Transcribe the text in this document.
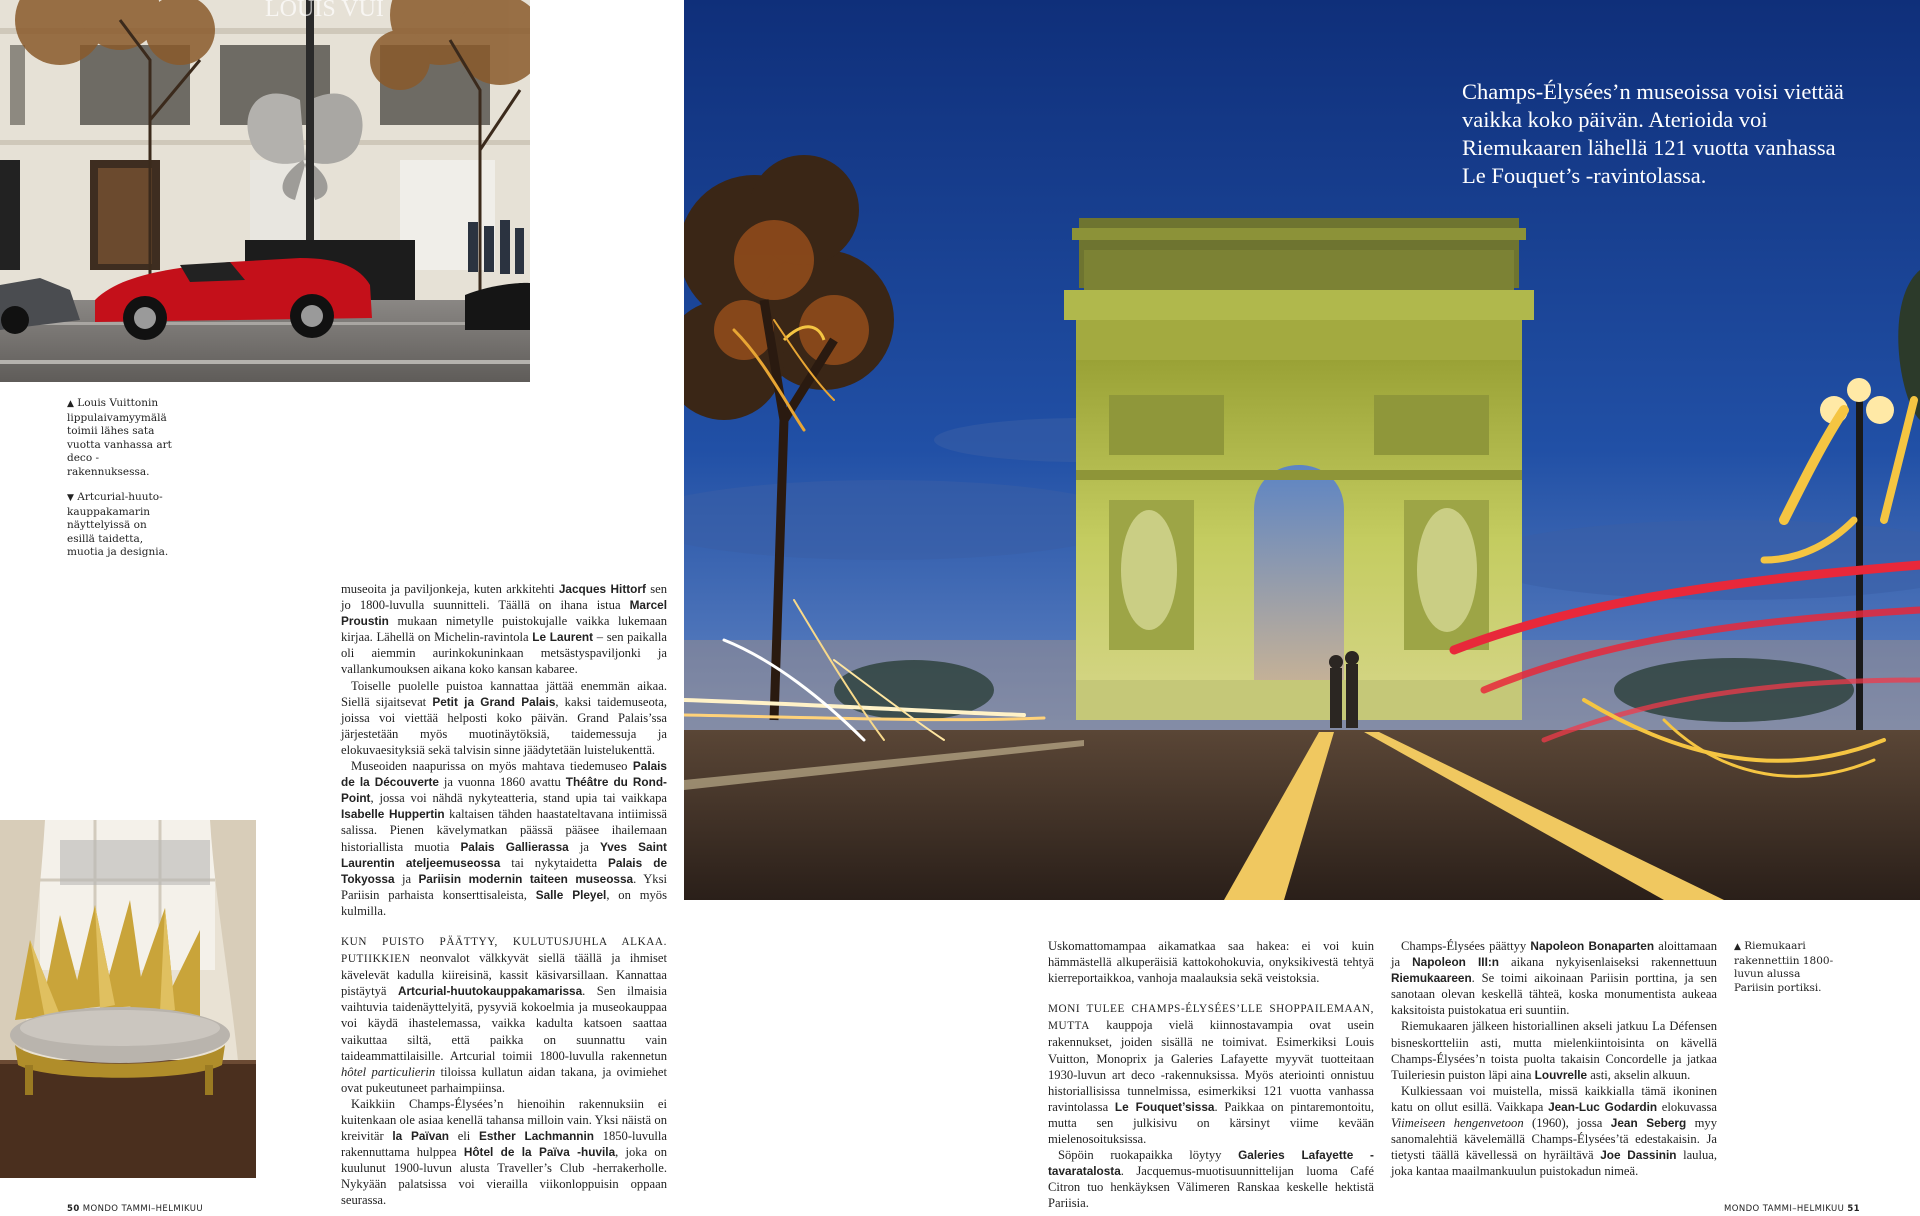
LOUIS VUI

▲ Louis Vuittonin lippulaivamyymälä toimii lähes sata vuotta vanhassa art deco -rakennuksessa.

▼ Artcurial-huuto-kauppakamarin näyttelyissä on esillä taidetta, muotia ja designia.

Champs-Élysées’n museoissa voisi viettää vaikka koko päivän. Aterioida voi Riemukaaren lähellä 121 vuotta vanhassa Le Fouquet’s -ravintolassa.
▲ Riemukaari rakennettiin 1800-luvun alussa Pariisin portiksi.

museoita ja paviljonkeja, kuten arkkitehti Jacques Hittorf sen jo 1800-luvulla suunnitteli. Täällä on ihana istua Marcel Proustin mukaan nimetylle puistokujalle vaikka lukemaan kirjaa. Lähellä on Michelin-ravintola Le Laurent – sen paikalla oli aiemmin aurinkokuninkaan metsästyspaviljonki ja vallankumouksen aikana koko kansan kabaree.

Toiselle puolelle puistoa kannattaa jättää enemmän aikaa. Siellä sijaitsevat Petit ja Grand Palais, kaksi taidemuseota, joissa voi viettää helposti koko päivän. Grand Palais’ssa järjestetään myös muotinäytöksiä, taidemessuja ja elokuvaesityksiä sekä talvisin sinne jäädytetään luistelukenttä.

Museoiden naapurissa on myös mahtava tiedemuseo Palais de la Découverte ja vuonna 1860 avattu Théâtre du Rond-Point, jossa voi nähdä nykyteatteria, stand upia tai vaikkapa Isabelle Huppertin kaltaisen tähden haastateltavana intiimissä salissa. Pienen kävelymatkan päässä pääsee ihailemaan historiallista muotia Palais Gallierassa ja Yves Saint Laurentin ateljeemuseossa tai nykytaidetta Palais de Tokyossa ja Pariisin modernin taiteen museossa. Yksi Pariisin parhaista konserttisaleista, Salle Pleyel, on myös kulmilla.

KUN PUISTO PÄÄTTYY, KULUTUSJUHLA ALKAA. PUTIIKKIEN neonvalot välkkyvät siellä täällä ja ihmiset kävelevät kadulla kiireisinä, kassit käsivarsillaan. Kannattaa pistäytyä Artcurial-huutokauppakamarissa. Sen ilmaisia vaihtuvia taidenäyttelyitä, pysyviä kokoelmia ja museokauppaa voi käydä ihastelemassa, vaikka kadulta katsoen saattaa vaikuttaa siltä, että paikka on suunnattu vain taideammattilaisille. Artcurial toimii 1800-luvulla rakennetun hôtel particulierin tiloissa kullatun aidan takana, ja ovimiehet ovat pukeutuneet parhaimpiinsa.

Kaikkiin Champs-Élysées’n hienoihin rakennuksiin ei kuitenkaan ole asiaa kenellä tahansa milloin vain. Yksi näistä on kreivitär la Païvan eli Esther Lachmannin 1850-luvulla rakennuttama hulppea Hôtel de la Païva -huvila, joka on kuulunut 1900-luvun alusta Traveller’s Club -herrakerholle. Nykyään palatsissa voi vierailla viikonloppuisin oppaan seurassa.

Uskomattomampaa aikamatkaa saa hakea: ei voi kuin hämmästellä alkuperäisiä kattokohokuvia, onyksikivestä tehtyä kierreportaikkoa, vanhoja maalauksia sekä veistoksia.

MONI TULEE CHAMPS-ÉLYSÉES’LLE SHOPPAILEMAAN, MUTTA kauppoja vielä kiinnostavampia ovat usein rakennukset, joiden sisällä ne toimivat. Esimerkiksi Louis Vuitton, Monoprix ja Galeries Lafayette myyvät tuotteitaan 1930-luvun art deco -rakennuksissa. Myös ateriointi onnistuu historiallisissa tunnelmissa, esimerkiksi 121 vuotta vanhassa ravintolassa Le Fouquet’sissa. Paikkaa on pintaremontoitu, mutta sen julkisivu on kärsinyt viime kevään mielenosoituksissa.

Söpöin ruokapaikka löytyy Galeries Lafayette -tavaratalosta. Jacquemus-muotisuunnittelijan luoma Café Citron tuo henkäyksen Välimeren Ranskaa keskelle hektistä Pariisia.

Champs-Élysées päättyy Napoleon Bonaparten aloittamaan ja Napoleon III:n aikana nykyisenlaiseksi rakennettuun Riemukaareen. Se toimi aikoinaan Pariisin porttina, ja sen sanotaan olevan keskellä tähteä, koska monumentista aukeaa kaksitoista puistokatua eri suuntiin.

Riemukaaren jälkeen historiallinen akseli jatkuu La Défensen bisneskortteliin asti, mutta mielenkiintoisinta on kävellä Champs-Élysées’n toista puolta takaisin Concordelle ja jatkaa Tuileriesin puiston läpi aina Louvrelle asti, akselin alkuun.

Kulkiessaan voi muistella, missä kaikkialla tämä ikoninen katu on ollut esillä. Vaikkapa Jean-Luc Godardin elokuvassa Viimeiseen hengenvetoon (1960), jossa Jean Seberg myy sanomalehtiä kävelemällä Champs-Élysées’tä edestakaisin. Ja tietysti täällä kävellessä on hyräiltävä Joe Dassinin laulua, joka kantaa maailmankuulun puistokadun nimeä.

50 MONDO TAMMI–HELMIKUU	MONDO TAMMI–HELMIKUU 51
